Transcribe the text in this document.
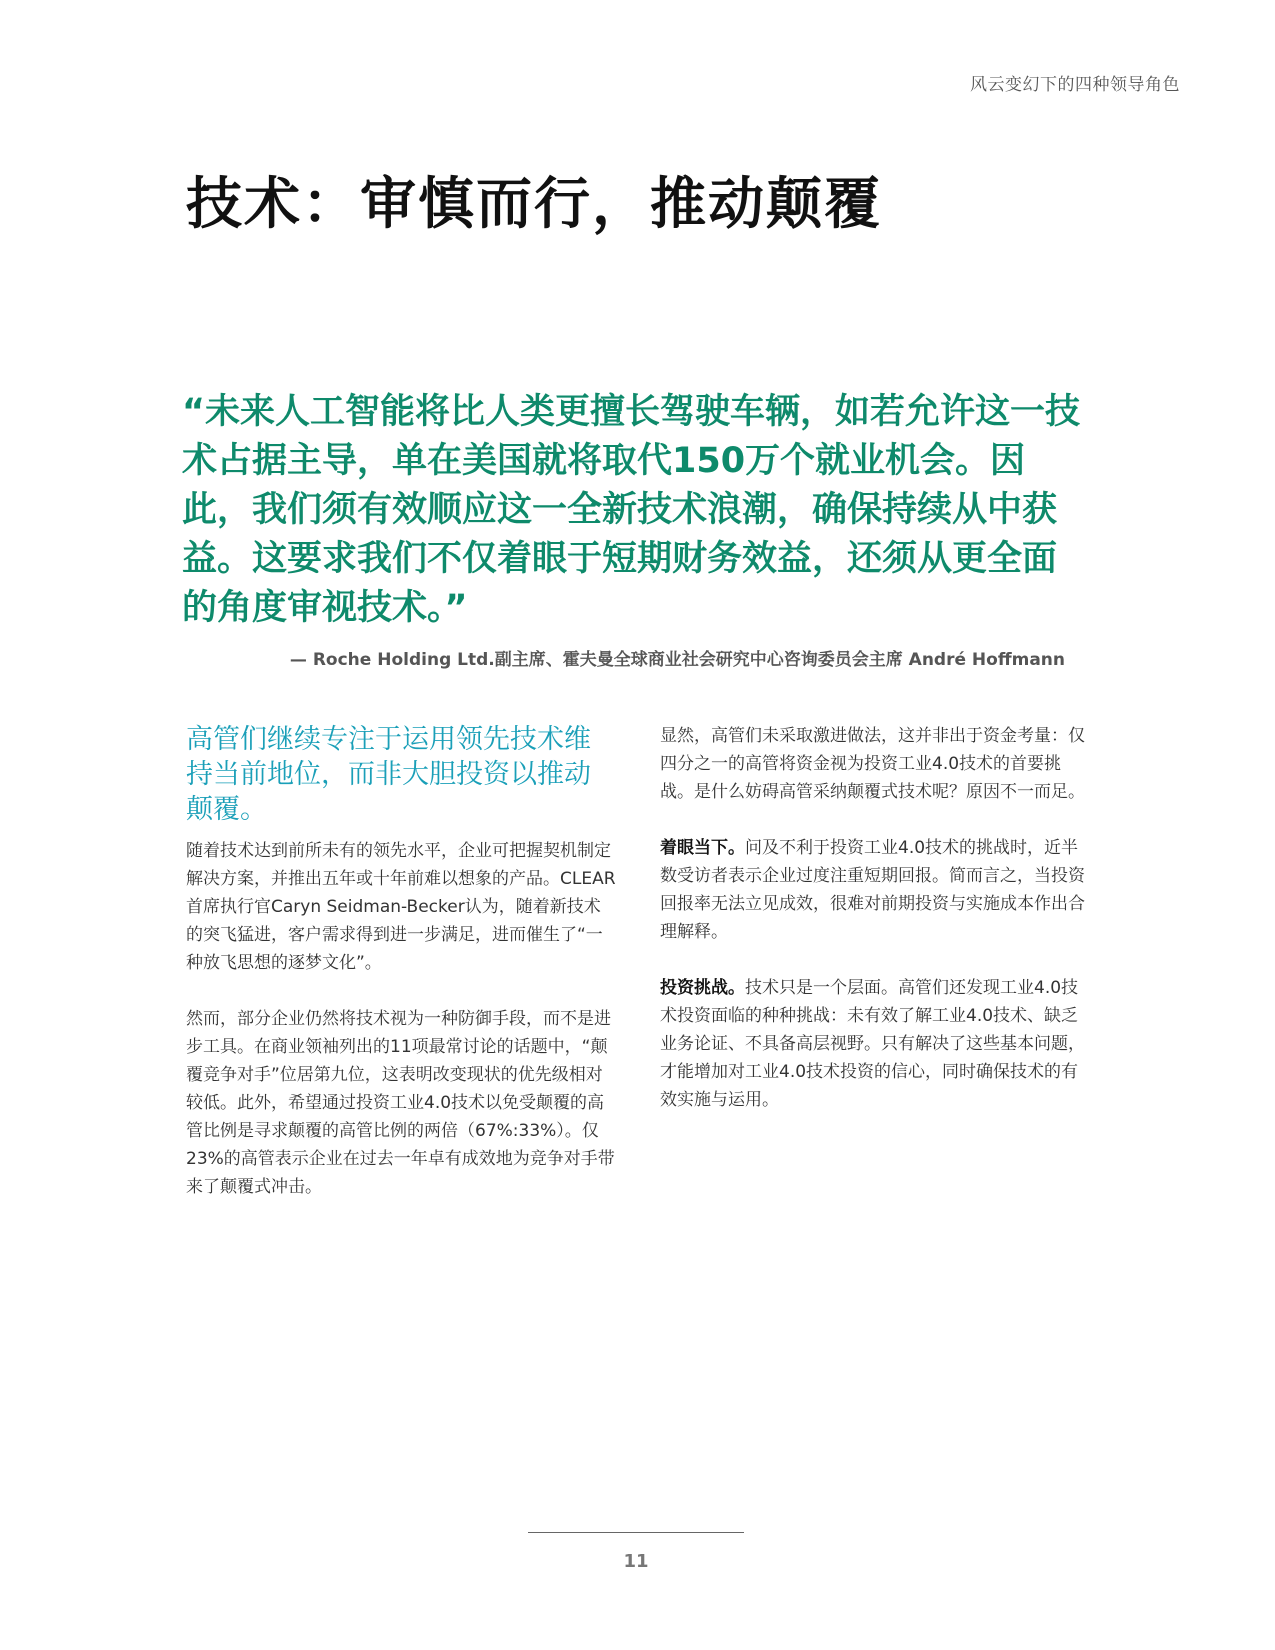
风云变幻下的四种领导角色
技术：审慎而行，推动颠覆

“未来人工智能将比人类更擅长驾驶车辆，如若允许这一技术占据主导，单在美国就将取代150万个就业机会。因此，我们须有效顺应这一全新技术浪潮，确保持续从中获益。这要求我们不仅着眼于短期财务效益，还须从更全面的角度审视技术。”

— Roche Holding Ltd.副主席、霍夫曼全球商业社会研究中心咨询委员会主席 André Hoffmann
高管们继续专注于运用领先技术维持当前地位，而非大胆投资以推动颠覆。

随着技术达到前所未有的领先水平，企业可把握契机制定解决方案，并推出五年或十年前难以想象的产品。CLEAR首席执行官Caryn Seidman-Becker认为，随着新技术的突飞猛进，客户需求得到进一步满足，进而催生了“一种放飞思想的逐梦文化”。

然而，部分企业仍然将技术视为一种防御手段，而不是进步工具。在商业领袖列出的11项最常讨论的话题中，“颠覆竞争对手”位居第九位，这表明改变现状的优先级相对较低。此外，希望通过投资工业4.0技术以免受颠覆的高管比例是寻求颠覆的高管比例的两倍（67%:33%）。仅23%的高管表示企业在过去一年卓有成效地为竞争对手带来了颠覆式冲击。

显然，高管们未采取激进做法，这并非出于资金考量：仅四分之一的高管将资金视为投资工业4.0技术的首要挑战。是什么妨碍高管采纳颠覆式技术呢？原因不一而足。

着眼当下。问及不利于投资工业4.0技术的挑战时，近半数受访者表示企业过度注重短期回报。简而言之，当投资回报率无法立见成效，很难对前期投资与实施成本作出合理解释。

投资挑战。技术只是一个层面。高管们还发现工业4.0技术投资面临的种种挑战：未有效了解工业4.0技术、缺乏业务论证、不具备高层视野。只有解决了这些基本问题，才能增加对工业4.0技术投资的信心，同时确保技术的有效实施与运用。

11
